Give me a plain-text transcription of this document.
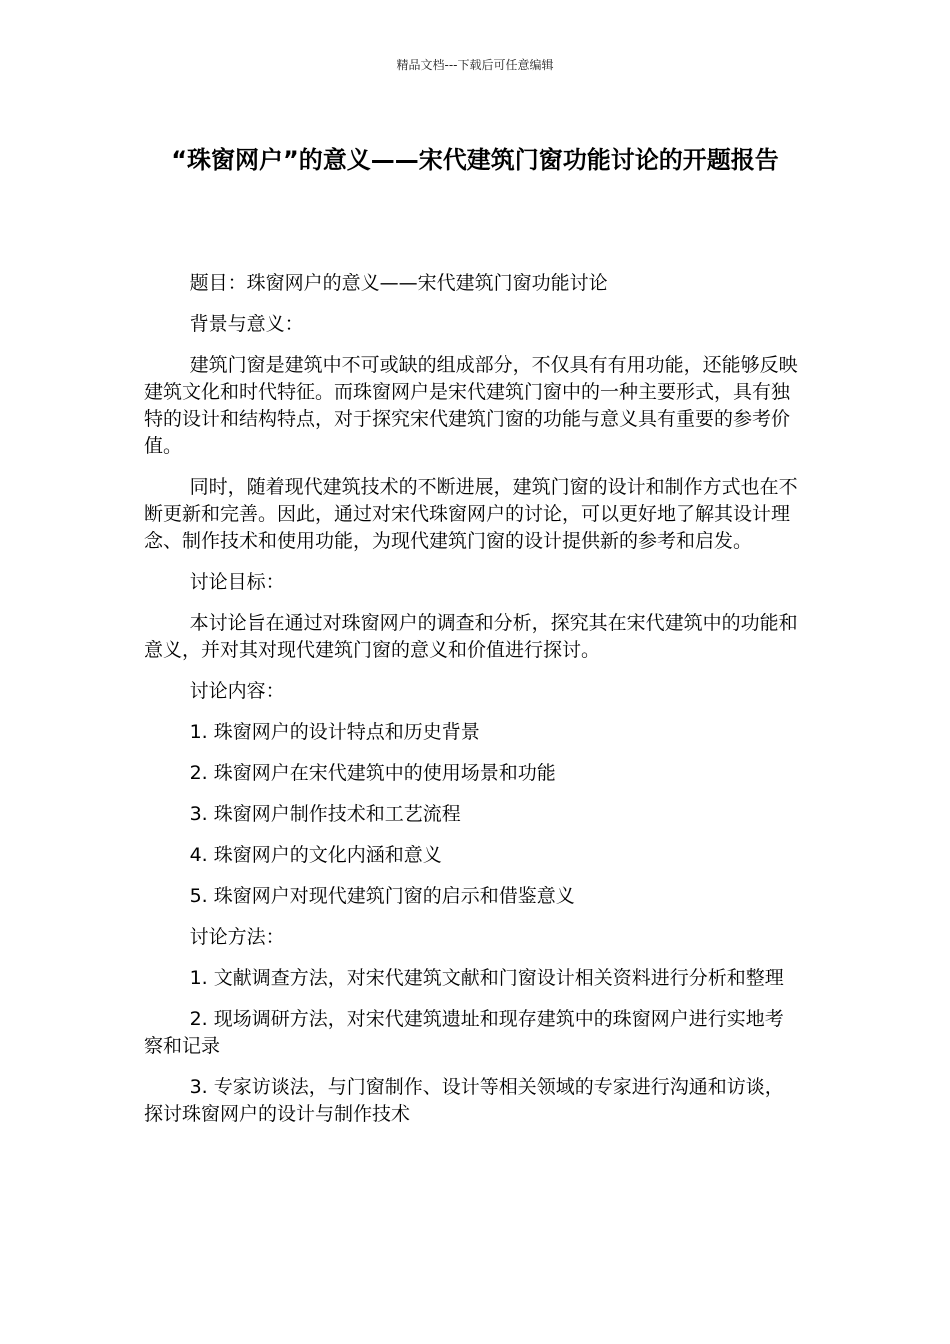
精品文档---下载后可任意编辑
“珠窗网户”的意义——宋代建筑门窗功能讨论的开题报告

题目：珠窗网户的意义——宋代建筑门窗功能讨论

背景与意义：

建筑门窗是建筑中不可或缺的组成部分，不仅具有有用功能，还能够反映建筑文化和时代特征。而珠窗网户是宋代建筑门窗中的一种主要形式，具有独特的设计和结构特点，对于探究宋代建筑门窗的功能与意义具有重要的参考价值。

同时，随着现代建筑技术的不断进展，建筑门窗的设计和制作方式也在不断更新和完善。因此，通过对宋代珠窗网户的讨论，可以更好地了解其设计理念、制作技术和使用功能，为现代建筑门窗的设计提供新的参考和启发。

讨论目标：

本讨论旨在通过对珠窗网户的调查和分析，探究其在宋代建筑中的功能和意义，并对其对现代建筑门窗的意义和价值进行探讨。

讨论内容：

1. 珠窗网户的设计特点和历史背景

2. 珠窗网户在宋代建筑中的使用场景和功能

3. 珠窗网户制作技术和工艺流程

4. 珠窗网户的文化内涵和意义

5. 珠窗网户对现代建筑门窗的启示和借鉴意义

讨论方法：

1. 文献调查方法，对宋代建筑文献和门窗设计相关资料进行分析和整理

2. 现场调研方法，对宋代建筑遗址和现存建筑中的珠窗网户进行实地考察和记录

3. 专家访谈法，与门窗制作、设计等相关领域的专家进行沟通和访谈，探讨珠窗网户的设计与制作技术
